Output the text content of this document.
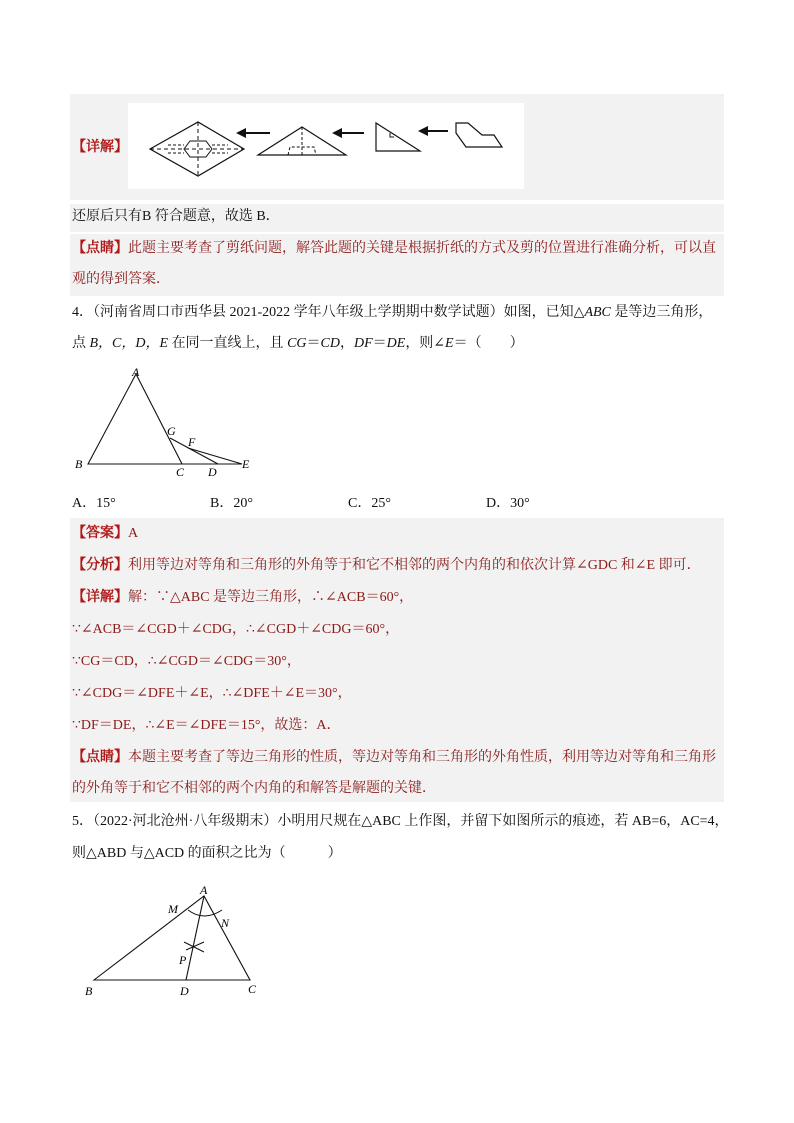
【详解】
还原后只有B 符合题意，故选 B．
【点睛】此题主要考查了剪纸问题，解答此题的关键是根据折纸的方式及剪的位置进行准确分析，可以直
观的得到答案．
4．（河南省周口市西华县 2021-2022 学年八年级上学期期中数学试题）如图，已知△ABC 是等边三角形，
点 B，C，D，E 在同一直线上，且 CG＝CD，DF＝DE，则∠E＝（　　）
A
B
C D
E
F
G
A．15°	B．20°	C．25°	D．30°
【答案】A
【分析】利用等边对等角和三角形的外角等于和它不相邻的两个内角的和依次计算∠GDC 和∠E 即可．
【详解】解：∵△ABC 是等边三角形，∴∠ACB＝60°，
∵∠ACB＝∠CGD＋∠CDG，∴∠CGD＋∠CDG＝60°，
∵CG＝CD，∴∠CGD＝∠CDG＝30°，
∵∠CDG＝∠DFE＋∠E，∴∠DFE＋∠E＝30°，
∵DF＝DE，∴∠E＝∠DFE＝15°，故选：A．
【点睛】本题主要考查了等边三角形的性质，等边对等角和三角形的外角性质，利用等边对等角和三角形
的外角等于和它不相邻的两个内角的和解答是解题的关键．
5．（2022·河北沧州·八年级期末）小明用尺规在△ABC 上作图，并留下如图所示的痕迹，若 AB=6，AC=4，
则△ABD 与△ACD 的面积之比为（　　　）
A
B	C
D
M
N
P
